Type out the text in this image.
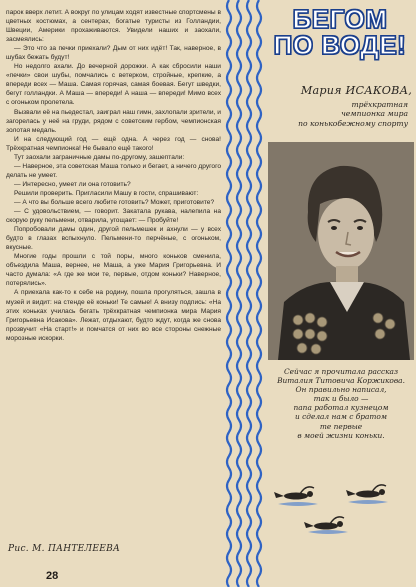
парок вверх летит. А вокруг по улицам ходят известные спортсмены в цветных костюмах, а сентерах, богатые туристы из Голландии, Швеции, Америки прохаживаются. Увидели наших и заохали, засмеялись:

— Это что за печки приехали? Дым от них идёт! Так, наверное, в шубах бежать будут!

Но недолго ахали. До вечерной дорожки. А как сбросили наши «печки» свои шубы, помчались с ветерком, стройные, крепкие, а впереди всех — Маша. Самая горячая, самая боевая. Бегут шведки, бегут голландки. А Маша — впереди! А наша — впереди! Мимо всех с огоньком пролетела.

Вызвали её на пьедестал, заиграл наш гимн, захлопали зрители, и загорелась у неё на груди, рядом с советским гербом, чемпионская золотая медаль.

И на следующий год — ещё одна. А через год — снова! Трёхкратная чемпионка! Не бывало ещё такого!

Тут заохали заграничные дамы по-другому, зашептали:

— Наверное, эта советская Маша только и бегает, а ничего другого делать не умеет.

— Интересно, умеет ли она готовить?

Решили проверить. Пригласили Машу в гости, спрашивают:

— А что вы больше всего любите готовить? Может, приготовите?

— С удовольствием, — говорит. Закатала рукава, налепила на скорую руку пельмени, отварила, угощает: — Пробуйте!

Попробовали дамы один, другой пельмешек и ахнули — у всех будто в глазах вспыхнуло. Пельмени-то перчёные, с огоньком, вкусные.

Многие годы прошли с той поры, много коньков сменила, объездила Маша, вернее, не Маша, а уже Мария Григорьевна. И часто думала: «А где же мои те, первые, отдом коньки? Наверное, потерялись».

А приехала как-то к себе на родину, пошла прогуляться, зашла в музей и видит: на стенде её коньки! Те самые! А внизу подпись: «На этих коньках училась бегать трёхкратная чемпионка мира Мария Григорьевна Исакова». Лежат, отдыхают, будто ждут, когда же снова прозвучит «На старт!» и помчатся от них во все стороны снежные морозные искорки.

Рис. М. ПАНТЕЛЕЕВА
28
БЕГОМ
ПО ВОДЕ!
Мария ИСАКОВА,
трёхкратная
чемпионка мира
по конькобежному спорту
Сейчас я прочитала рассказ
Виталия Титовича Коржикова.
Он правильно написал,
так и было —
папа работал кузнецом
и сделал нам с братом
те первые
в моей жизни коньки.
